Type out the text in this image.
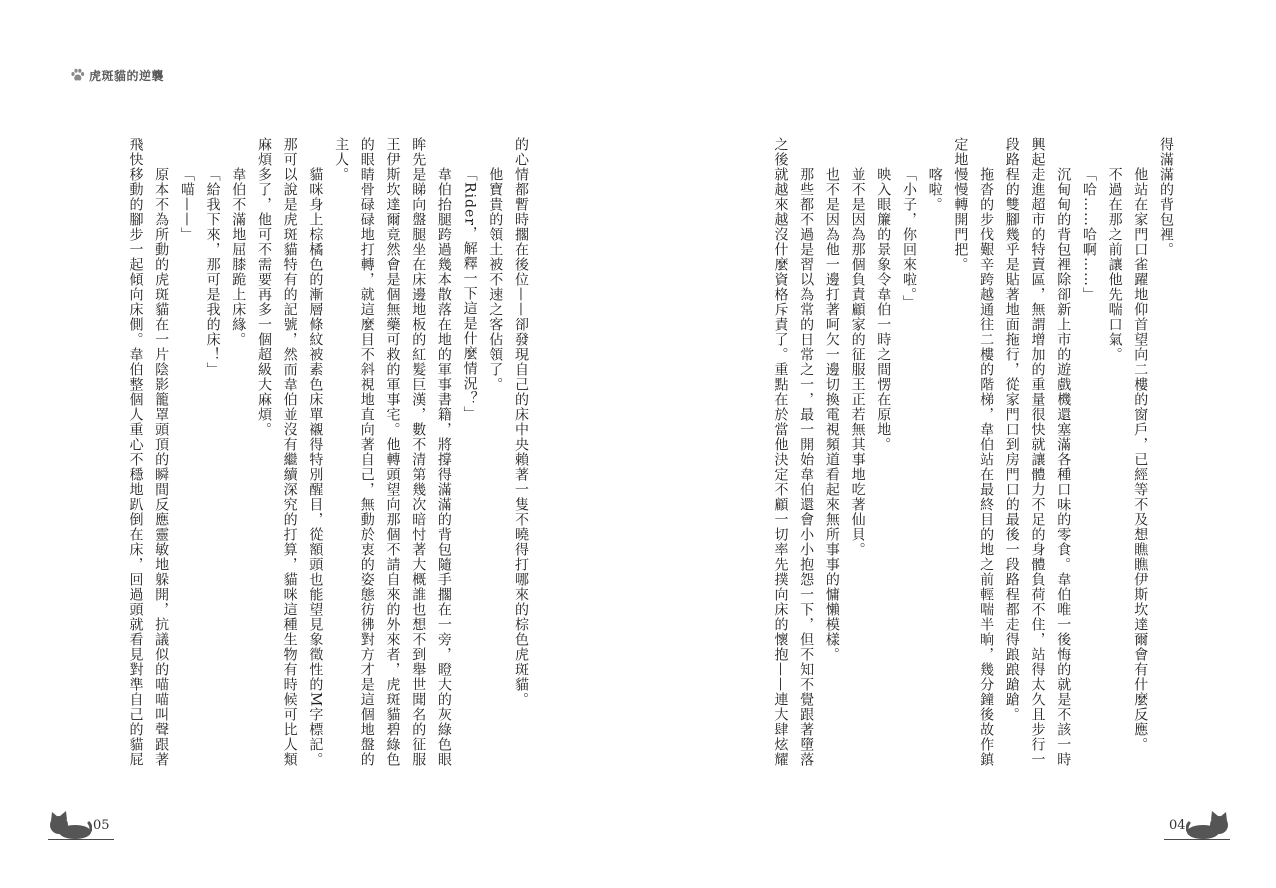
虎斑貓的逆襲
的心情都暫時擱在後位——卻發現自己的床中央賴著一隻不曉得打哪來的棕色虎斑貓。
他寶貴的領土被不速之客佔領了。
「Rider，解釋一下這是什麼情況？」
韋伯抬腿跨過幾本散落在地的軍事書籍，將撐得滿滿的背包隨手擱在一旁，瞪大的灰綠色眼
眸先是睇向盤腿坐在床邊地板的紅髮巨漢，數不清第幾次暗忖著大概誰也想不到舉世聞名的征服
王伊斯坎達爾竟然會是個無藥可救的軍事宅。他轉頭望向那個不請自來的外來者，虎斑貓碧綠色
的眼睛骨碌碌地打轉，就這麼目不斜視地直向著自己，無動於衷的姿態彷彿對方才是這個地盤的
主人。
貓咪身上棕橘色的漸層條紋被素色床單襯得特別醒目，從額頭也能望見象徵性的M字標記。
那可以說是虎斑貓特有的記號，然而韋伯並沒有繼續深究的打算，貓咪這種生物有時候可比人類
麻煩多了，他可不需要再多一個超級大麻煩。
韋伯不滿地屈膝跪上床緣。
「給我下來，那可是我的床！」
「喵——」
原本不為所動的虎斑貓在一片陰影籠罩頭頂的瞬間反應靈敏地躲開，抗議似的喵喵叫聲跟著
飛快移動的腳步一起傾向床側。韋伯整個人重心不穩地趴倒在床，回過頭就看見對準自己的貓屁	得滿滿的背包裡。
他站在家門口雀躍地仰首望向二樓的窗戶，已經等不及想瞧瞧伊斯坎達爾會有什麼反應。
不過在那之前讓他先喘口氣。
「哈……哈啊……」
沉甸甸的背包裡除卻新上市的遊戲機還塞滿各種口味的零食。韋伯唯一後悔的就是不該一時
興起走進超市的特賣區，無謂增加的重量很快就讓體力不足的身體負荷不住，站得太久且步行一
段路程的雙腳幾乎是貼著地面拖行，從家門口到房門口的最後一段路程都走得踉踉蹌蹌。
拖沓的步伐艱辛跨越通往二樓的階梯，韋伯站在最終目的地之前輕喘半晌，幾分鐘後故作鎮
定地慢慢轉開門把。
喀啦。
「小子，你回來啦。」
映入眼簾的景象令韋伯一時之間愣在原地。
並不是因為那個負責顧家的征服王正若無其事地吃著仙貝。
也不是因為他一邊打著呵欠一邊切換電視頻道看起來無所事事的慵懶模樣。
那些都不過是習以為常的日常之一，最一開始韋伯還會小小抱怨一下，但不知不覺跟著墮落
之後就越來越沒什麼資格斥責了。重點在於當他決定不顧一切率先撲向床的懷抱——連大肆炫耀
05	04
